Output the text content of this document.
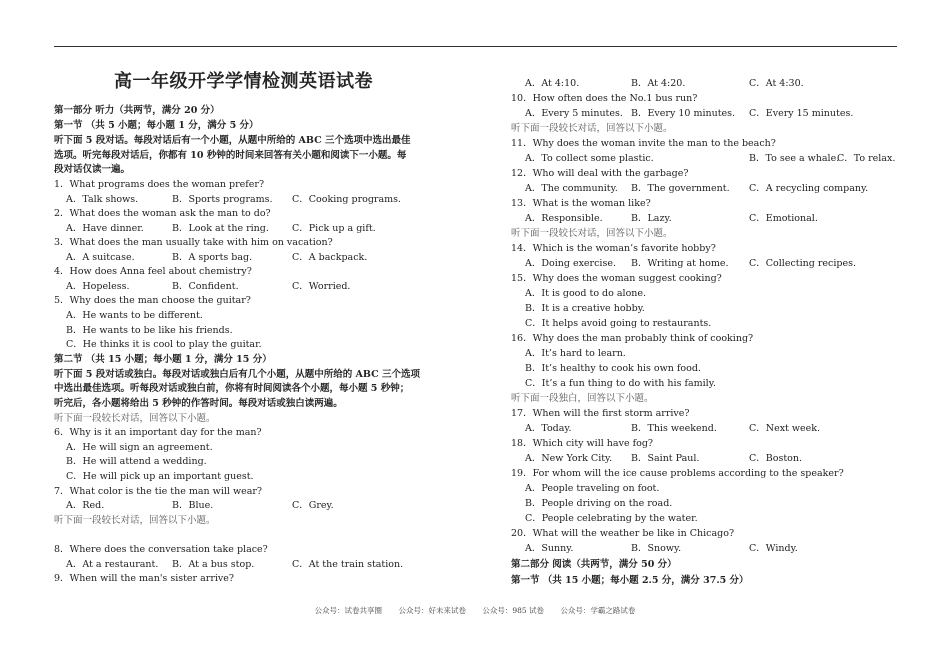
高一年级开学学情检测英语试卷
第一部分 听力（共两节，满分 20 分）
第一节 （共 5 小题；每小题 1 分，满分 5 分）
听下面 5 段对话。每段对话后有一个小题，从题中所给的 ABC 三个选项中选出最佳
选项。听完每段对话后，你都有 10 秒钟的时间来回答有关小题和阅读下一小题。每
段对话仅读一遍。
1．What programs does the woman prefer?
A．Talk shows.	B．Sports programs. C．Cooking programs.
2．What does the woman ask the man to do?
A．Have dinner.	B．Look at the ring. C．Pick up a gift.
3．What does the man usually take with him on vacation?
A．A suitcase.	B．A sports bag.	C．A backpack.
4．How does Anna feel about chemistry?
A．Hopeless.	B．Confident.	C．Worried.
5．Why does the man choose the guitar?
A．He wants to be different.
B．He wants to be like his friends.
C．He thinks it is cool to play the guitar.
第二节 （共 15 小题；每小题 1 分，满分 15 分）
听下面 5 段对话或独白。每段对话或独白后有几个小题，从题中所给的 ABC 三个选项
中选出最佳选项。听每段对话或独白前，你将有时间阅读各个小题，每小题 5 秒钟；
听完后，各小题将给出 5 秒钟的作答时间。每段对话或独白读两遍。
听下面一段较长对话，回答以下小题。
6．Why is it an important day for the man?
A．He will sign an agreement.
B．He will attend a wedding.
C．He will pick up an important guest.
7．What color is the tie the man will wear?
A．Red.	B．Blue.	C．Grey.
听下面一段较长对话，回答以下小题。
8．Where does the conversation take place?
A．At a restaurant. B．At a bus stop.	C．At the train station.
9．When will the man's sister arrive?
A．At 4:10.	B．At 4:20.	C．At 4:30.
10．How often does the No.1 bus run?
A．Every 5 minutes. B．Every 10 minutes. C．Every 15 minutes.
听下面一段较长对话，回答以下小题。
11．Why does the woman invite the man to the beach?
A．To collect some plastic.	B．To see a whale.
C．To relax.
12．Who will deal with the garbage?
A．The community. B．The government. C．A recycling company.
13．What is the woman like?
A．Responsible.	B．Lazy.	C．Emotional.
听下面一段较长对话，回答以下小题。
14．Which is the woman’s favorite hobby?
A．Doing exercise. B．Writing at home. C．Collecting recipes.
15．Why does the woman suggest cooking?
A．It is good to do alone.
B．It is a creative hobby.
C．It helps avoid going to restaurants.
16．Why does the man probably think of cooking?
A．It’s hard to learn.
B．It’s healthy to cook his own food.
C．It’s a fun thing to do with his family.
听下面一段独白，回答以下小题。
17．When will the first storm arrive?
A．Today.	B．This weekend.	C．Next week.
18．Which city will have fog?
A．New York City. B．Saint Paul.	C．Boston.
19．For whom will the ice cause problems according to the speaker?
A．People traveling on foot.
B．People driving on the road.
C．People celebrating by the water.
20．What will the weather be like in Chicago?
A．Sunny.	B．Snowy.	C．Windy.
第二部分 阅读（共两节，满分 50 分）
第一节 （共 15 小题；每小题 2.5 分，满分 37.5 分）
公众号：试卷共享圈 公众号：好未来试卷 公众号：985 试卷 公众号：学霸之路试卷
